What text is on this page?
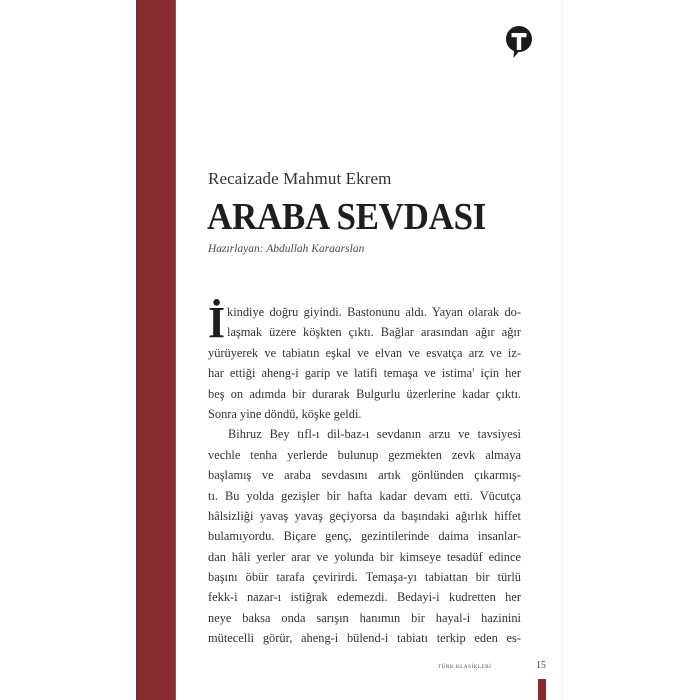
Recaizade Mahmut Ekrem
ARABA SEVDASI
Hazırlayan: Abdullah Karaarslan
İ kindiye doğru giyindi. Bastonunu aldı. Yayan olarak do-

laşmak üzere köşkten çıktı. Bağlar arasından ağır ağır

yürüyerek ve tabiatın eşkal ve elvan ve esvatça arz ve iz-

har ettiği aheng-i garip ve latifi temaşa ve istima' için her

beş on adımda bir durarak Bulgurlu üzerlerine kadar çıktı.

Sonra yine döndü, köşke geldi.

Bihruz Bey tıfl-ı dil-baz-ı sevdanın arzu ve tavsiyesi

vechle tenha yerlerde bulunup gezmekten zevk almaya

başlamış ve araba sevdasını artık gönlünden çıkarmış-

tı. Bu yolda gezişler bir hafta kadar devam etti. Vücutça

hâlsizliği yavaş yavaş geçiyorsa da başındaki ağırlık hiffet

bulamıyordu. Biçare genç, gezintilerinde daima insanlar-

dan hâli yerler arar ve yolunda bir kimseye tesadüf edince

başını öbür tarafa çevirirdi. Temaşa-yı tabiattan bir türlü

fekk-i nazar-ı istiğrak edemezdi. Bedayi-i kudretten her

neye baksa onda sarışın hanımın bir hayal-i hazinini

mütecelli görür, aheng-i bülend-i tabiatı terkip eden es-

TÜRK KLASİKLERİ	15
